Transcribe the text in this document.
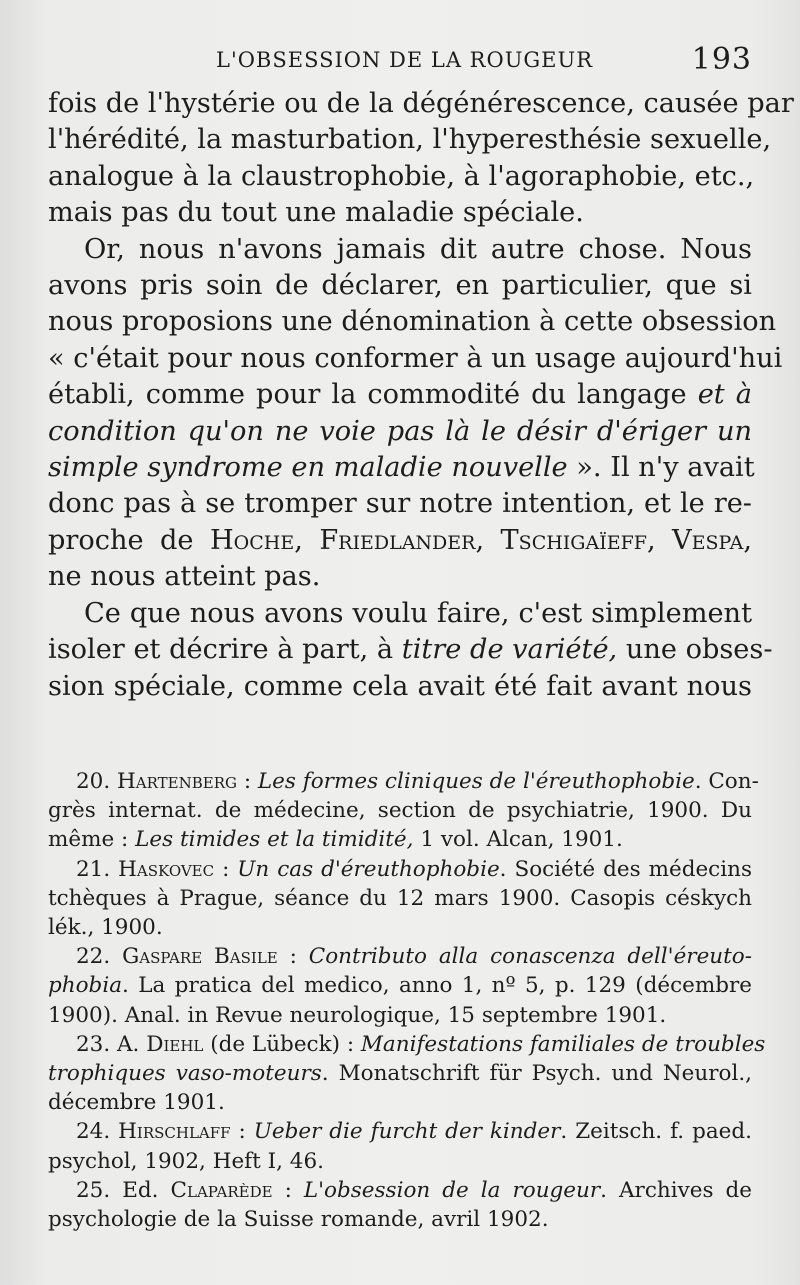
L'OBSESSION DE LA ROUGEUR	193

fois de l'hystérie ou de la dégénérescence, causée par
l'hérédité, la masturbation, l'hyperesthésie sexuelle,
analogue à la claustrophobie, à l'agoraphobie, etc.,
mais pas du tout une maladie spéciale.

Or, nous n'avons jamais dit autre chose. Nous
avons pris soin de déclarer, en particulier, que si
nous proposions une dénomination à cette obsession
« c'était pour nous conformer à un usage aujourd'hui
établi, comme pour la commodité du langage et à
condition qu'on ne voie pas là le désir d'ériger un
simple syndrome en maladie nouvelle ». Il n'y avait
donc pas à se tromper sur notre intention, et le re-
proche de Hoche, Friedlander, Tschigaïeff, Vespa,
ne nous atteint pas.

Ce que nous avons voulu faire, c'est simplement
isoler et décrire à part, à titre de variété, une obses-
sion spéciale, comme cela avait été fait avant nous

20. Hartenberg : Les formes cliniques de l'éreuthophobie. Con-
grès internat. de médecine, section de psychiatrie, 1900. Du
même : Les timides et la timidité, 1 vol. Alcan, 1901.
21. Haskovec : Un cas d'éreuthophobie. Société des médecins
tchèques à Prague, séance du 12 mars 1900. Casopis céskych
lék., 1900.
22. Gaspare Basile : Contributo alla conascenza dell'éreuto-
phobia. La pratica del medico, anno 1, nº 5, p. 129 (décembre
1900). Anal. in Revue neurologique, 15 septembre 1901.
23. A. Diehl (de Lübeck) : Manifestations familiales de troubles
trophiques vaso-moteurs. Monatschrift für Psych. und Neurol.,
décembre 1901.
24. Hirschlaff : Ueber die furcht der kinder. Zeitsch. f. paed.
psychol, 1902, Heft I, 46.
25. Ed. Claparède : L'obsession de la rougeur. Archives de
psychologie de la Suisse romande, avril 1902.
